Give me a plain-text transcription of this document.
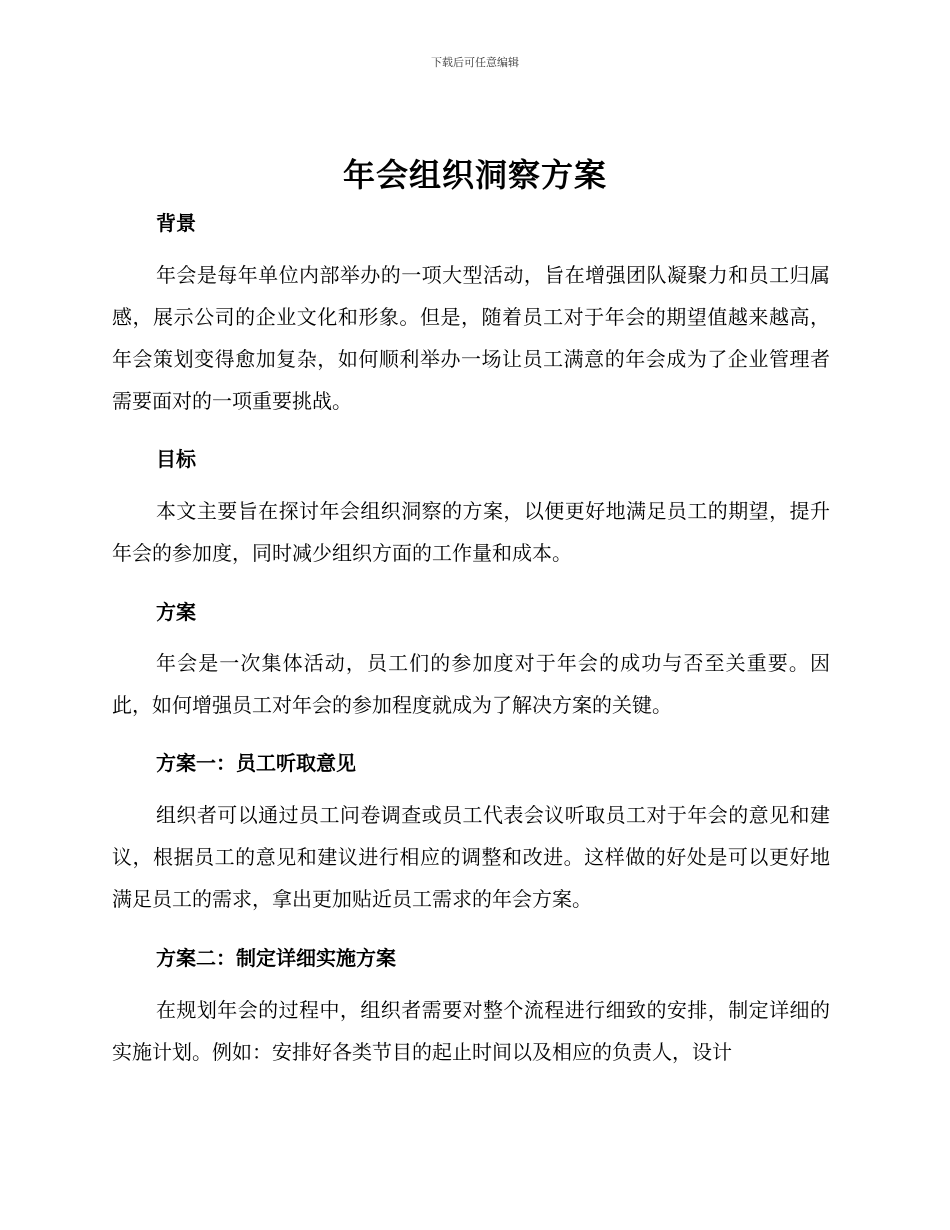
下载后可任意编辑
年会组织洞察方案
背景

年会是每年单位内部举办的一项大型活动，旨在增强团队凝聚力和员工归属感，展示公司的企业文化和形象。但是，随着员工对于年会的期望值越来越高，年会策划变得愈加复杂，如何顺利举办一场让员工满意的年会成为了企业管理者需要面对的一项重要挑战。

目标

本文主要旨在探讨年会组织洞察的方案，以便更好地满足员工的期望，提升年会的参加度，同时减少组织方面的工作量和成本。

方案

年会是一次集体活动，员工们的参加度对于年会的成功与否至关重要。因此，如何增强员工对年会的参加程度就成为了解决方案的关键。

方案一：员工听取意见

组织者可以通过员工问卷调查或员工代表会议听取员工对于年会的意见和建议，根据员工的意见和建议进行相应的调整和改进。这样做的好处是可以更好地满足员工的需求，拿出更加贴近员工需求的年会方案。

方案二：制定详细实施方案

在规划年会的过程中，组织者需要对整个流程进行细致的安排，制定详细的实施计划。例如：安排好各类节目的起止时间以及相应的负责人，设计
